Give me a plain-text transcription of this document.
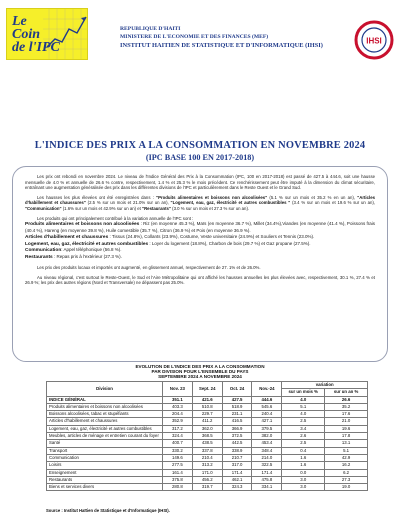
Le
Coin
de l'IPC
REPUBLIQUE D'HAITI
MINISTERE DE L'ECONOMIE ET DES FINANCES (MEF)
INSTITUT HAITIEN DE STATISTIQUE ET D'INFORMATIQUE (IHSI)	IHSI
L'INDICE DES PRIX A LA CONSOMMATION EN NOVEMBRE 2024
(IPC BASE 100 EN 2017-2018)

Les prix ont rebondi en novembre 2024. Le niveau de l'Indice Général des Prix à la Consommation (IPC, 100 en 2017-2018) est passé de 427.5 à 444.6, soit une hausse mensuelle de 4.0 % et annuelle de 26.6 % contre, respectivement, 1.4 % et 25.3 % le mois précédent. Ce renchérissement peut être imputé à la dimension du climat sécuritaire, entraînant une augmentation généralisée des prix dans les différentes divisions de l'IPC et particulièrement dans le Reste Ouest et le Grand Sud.

Les hausses les plus élevées ont été enregistrées dans : "Produits alimentaires et boissons non alcoolisées" (5.1 % sur un mois et 35.2 % en un an), "Articles d'habillement et chaussures" (2.5 % sur un mois et 21.0% sur un an), "Logement, eau, gaz, électricité et autres combustibles " (3.4 % sur un mois et 19.6 % sur un an), "Communication" (1.6% sur un mois et 42.9% sur un an) et "Restaurants" (3.0 % sur un mois et 27.3 % sur un an).

Les produits qui ont principalement contribué à la variation annuelle de l'IPC sont :

Produits alimentaires et boissons non alcoolisées : Riz (en moyenne 45.3 %), Maïs (en moyenne 36.7 %), Millet (34.4%),Viandes (en moyenne (41.4 %), Poissons frais (40.4 %), Hareng (en moyenne 39.8 %), Huile comestible (35.7 %), Citron (36.9 %) et Pois (en moyenne 36.9 %).
Articles d'habillement et chaussures : Tissus (24.8%), Collants (23.9%), Costume, Veste universitaire (24.9%) et Souliers et Tennis (23.0%).
Logement, eau, gaz, électricité et autres combustibles : Loyer du logement (18.8%), Charbon de bois (29.7 %) et Gaz propane (27.5%).
Communication: Appel téléphonique (56.8 %).
Restaurants : Repas pris à l'extérieur (27.3 %).

Les prix des produits locaux et importés ont augmenté, en glissement annuel, respectivement de 27. 1% et de 26.0%.

Au niveau régional, c'est surtout le Reste-Ouest, le Sud et l'Aire Métropolitaine qui ont affiché les hausses annuelles les plus élevées avec, respectivement, 30.1 %, 27.4 % et 26.9 %; les prix des autres régions (Nord et Transversale) ne dépassent pas 25.0%.

EVOLUTION DE L'INDICE DES PRIX A LA CONSOMMATION
PAR DIVISION POUR L'ENSEMBLE DU PAYS
SEPTEMBRE 2024 A NOVEMBRE 2024
Division	Nov. 23	Sept. 24	Oct. 24	Nov.-24	variation	
					sur un mois %	sur un an %
INDICE GÉNÉRAL	351.1	421.6	427.5	444.6	4.0	26.6
Produits alimentaires et boissons non alcoolisées	403.3	510.8	518.9	545.6	5.1	35.2
Boissons alcoolisées, tabac et stupéfiants	204.4	229.7	231.1	240.4	4.0	17.6
Articles d'habillement et chaussures	352.9	411.2	416.5	427.1	2.5	21.0
Logement, eau, gaz, électricité et autres combustibles	317.2	362.0	366.9	379.5	3.4	19.6
Meubles, articles de ménage et entretien courant du foyer	324.4	368.5	372.5	382.0	2.6	17.8
Santé	400.7	438.5	442.5	453.4	2.5	13.1
Transport	330.2	337.8	338.9	348.4	0.4	5.1
Communication	149.6	210.4	210.7	214.0	1.6	42.9
Loisirs	277.5	313.2	317.0	322.5	1.6	16.2
Enseignement	161.4	171.0	171.4	171.4	0.0	6.2
Restaurants	375.8	456.2	462.1	475.8	3.0	27.3
Biens et services divers	280.8	319.7	324.3	334.1	3.0	19.0
Source : Institut Haïtien de Statistique et d'Informatique (IHSI).
